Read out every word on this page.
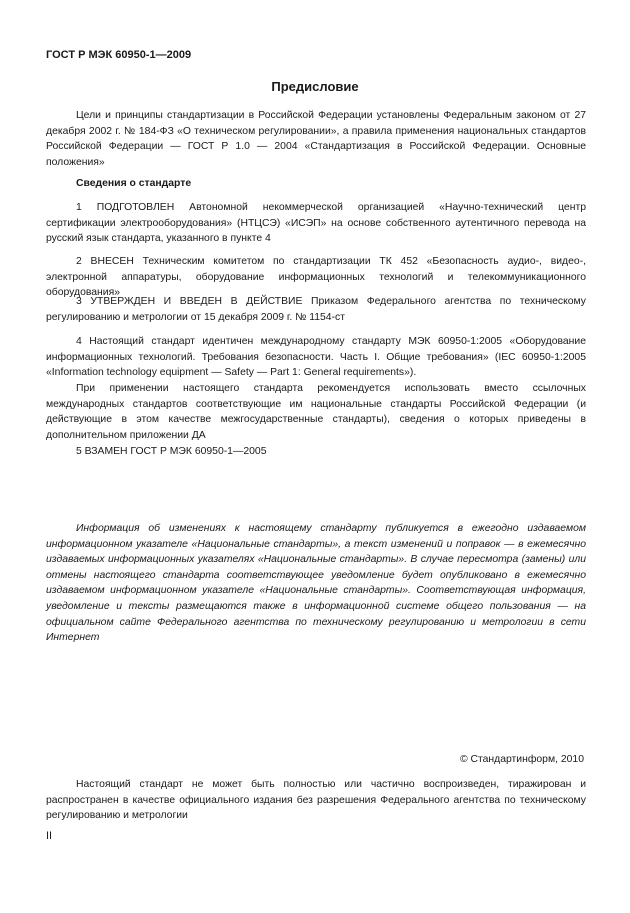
ГОСТ Р МЭК 60950-1—2009
Предисловие

Цели и принципы стандартизации в Российской Федерации установлены Федеральным законом от 27 декабря 2002 г. № 184-ФЗ «О техническом регулировании», а правила применения национальных стандартов Российской Федерации — ГОСТ Р 1.0 — 2004 «Стандартизация в Российской Федерации. Основные положения»

Сведения о стандарте

1 ПОДГОТОВЛЕН Автономной некоммерческой организацией «Научно-технический центр сертификации электрооборудования» (НТЦСЭ) «ИСЭП» на основе собственного аутентичного перевода на русский язык стандарта, указанного в пункте 4

2 ВНЕСЕН Техническим комитетом по стандартизации ТК 452 «Безопасность аудио-, видео-, электронной аппаратуры, оборудование информационных технологий и телекоммуникационного оборудования»

3 УТВЕРЖДЕН И ВВЕДЕН В ДЕЙСТВИЕ Приказом Федерального агентства по техническому регулированию и метрологии от 15 декабря 2009 г. № 1154-ст

4 Настоящий стандарт идентичен международному стандарту МЭК 60950-1:2005 «Оборудование информационных технологий. Требования безопасности. Часть I. Общие требования» (IEC 60950-1:2005 «Information technology equipment — Safety — Part 1: General requirements»).

При применении настоящего стандарта рекомендуется использовать вместо ссылочных международных стандартов соответствующие им национальные стандарты Российской Федерации (и действующие в этом качестве межгосударственные стандарты), сведения о которых приведены в дополнительном приложении ДА

5 ВЗАМЕН ГОСТ Р МЭК 60950-1—2005

Информация об изменениях к настоящему стандарту публикуется в ежегодно издаваемом информационном указателе «Национальные стандарты», а текст изменений и поправок — в ежемесячно издаваемых информационных указателях «Национальные стандарты». В случае пересмотра (замены) или отмены настоящего стандарта соответствующее уведомление будет опубликовано в ежемесячно издаваемом информационном указателе «Национальные стандарты». Соответствующая информация, уведомление и тексты размещаются также в информационной системе общего пользования — на официальном сайте Федерального агентства по техническому регулированию и метрологии в сети Интернет

© Стандартинформ, 2010

Настоящий стандарт не может быть полностью или частично воспроизведен, тиражирован и распространен в качестве официального издания без разрешения Федерального агентства по техническому регулированию и метрологии

II
